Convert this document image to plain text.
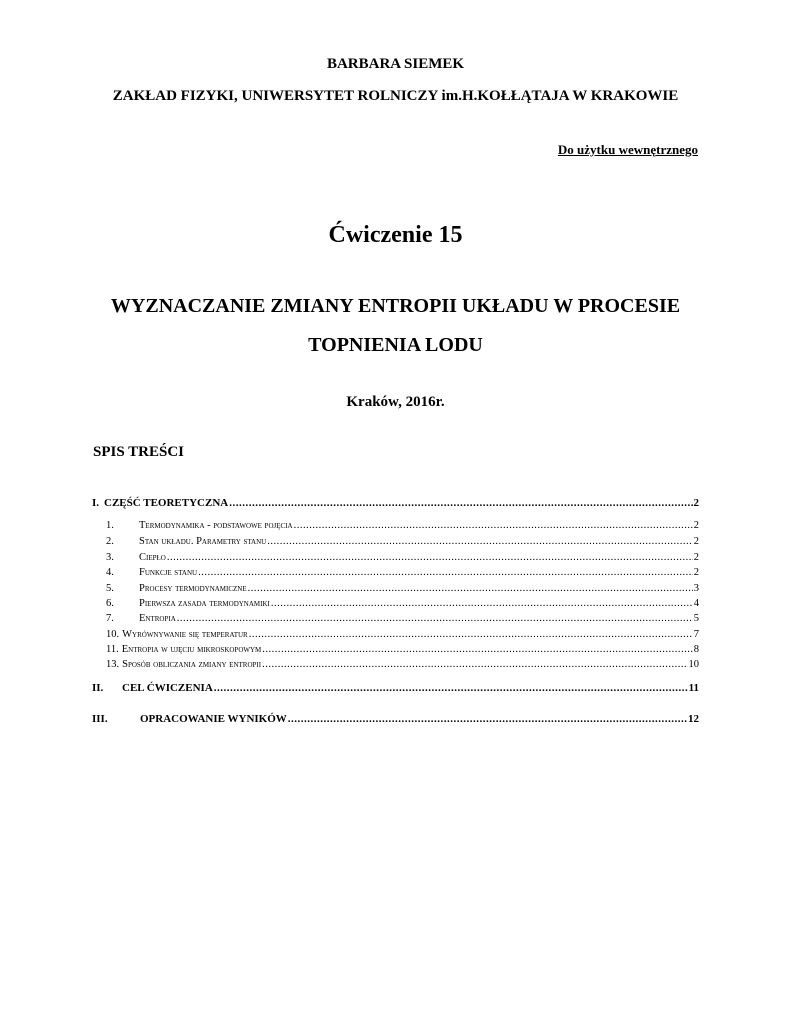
BARBARA SIEMEK
ZAKŁAD FIZYKI, UNIWERSYTET ROLNICZY im.H.KOŁŁĄTAJA W KRAKOWIE
Do użytku wewnętrznego
Ćwiczenie 15
WYZNACZANIE ZMIANY ENTROPII UKŁADU W PROCESIE
TOPNIENIA LODU
Kraków, 2016r.
SPIS TREŚCI
I. CZĘŚĆ TEORETYCZNA .....	2
1.	Termodynamika - podstawowe pojęcia .....	2
2.	Stan układu. Parametry stanu .....	2
3.	Ciepło .....	2
4.	Funkcje stanu .....	2
5.	Procesy termodynamiczne .....	3
6.	Pierwsza zasada termodynamiki .....	4
7.	Entropia .....	5
10. Wyrównywanie się temperatur .....	7
11. Entropia w ujęciu mikroskopowym .....	8
13. Sposób obliczania zmiany entropii .....	10
II.	CEL ĆWICZENIA .....	11
III.	OPRACOWANIE WYNIKÓW .....	12
